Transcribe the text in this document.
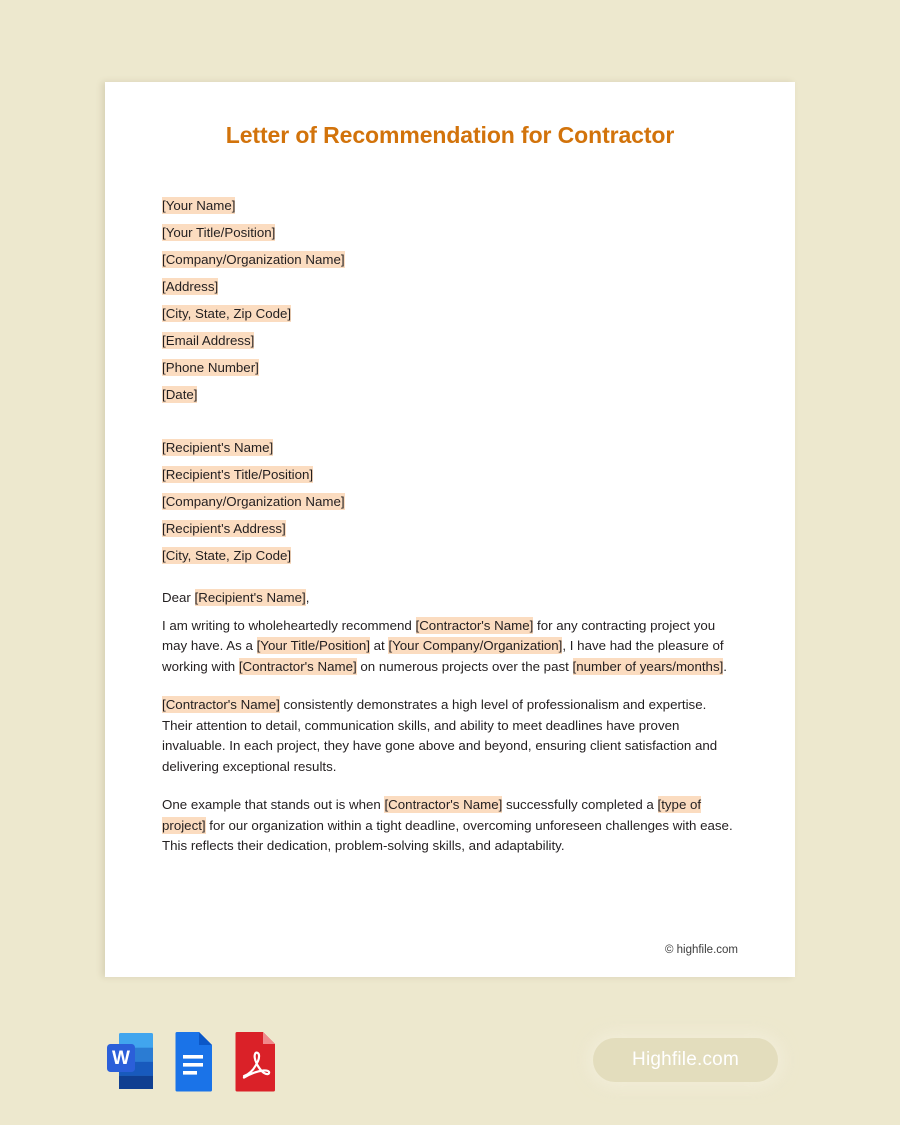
Letter of Recommendation for Contractor
[Your Name]
[Your Title/Position]
[Company/Organization Name]
[Address]
[City, State, Zip Code]
[Email Address]
[Phone Number]
[Date]
[Recipient's Name]
[Recipient's Title/Position]
[Company/Organization Name]
[Recipient's Address]
[City, State, Zip Code]

Dear [Recipient's Name],

I am writing to wholeheartedly recommend [Contractor's Name] for any contracting project you may have. As a [Your Title/Position] at [Your Company/Organization], I have had the pleasure of working with [Contractor's Name] on numerous projects over the past [number of years/months].

[Contractor's Name] consistently demonstrates a high level of professionalism and expertise. Their attention to detail, communication skills, and ability to meet deadlines have proven invaluable. In each project, they have gone above and beyond, ensuring client satisfaction and delivering exceptional results.

One example that stands out is when [Contractor's Name] successfully completed a [type of project] for our organization within a tight deadline, overcoming unforeseen challenges with ease. This reflects their dedication, problem-solving skills, and adaptability.

© highfile.com
W	Highfile.com
